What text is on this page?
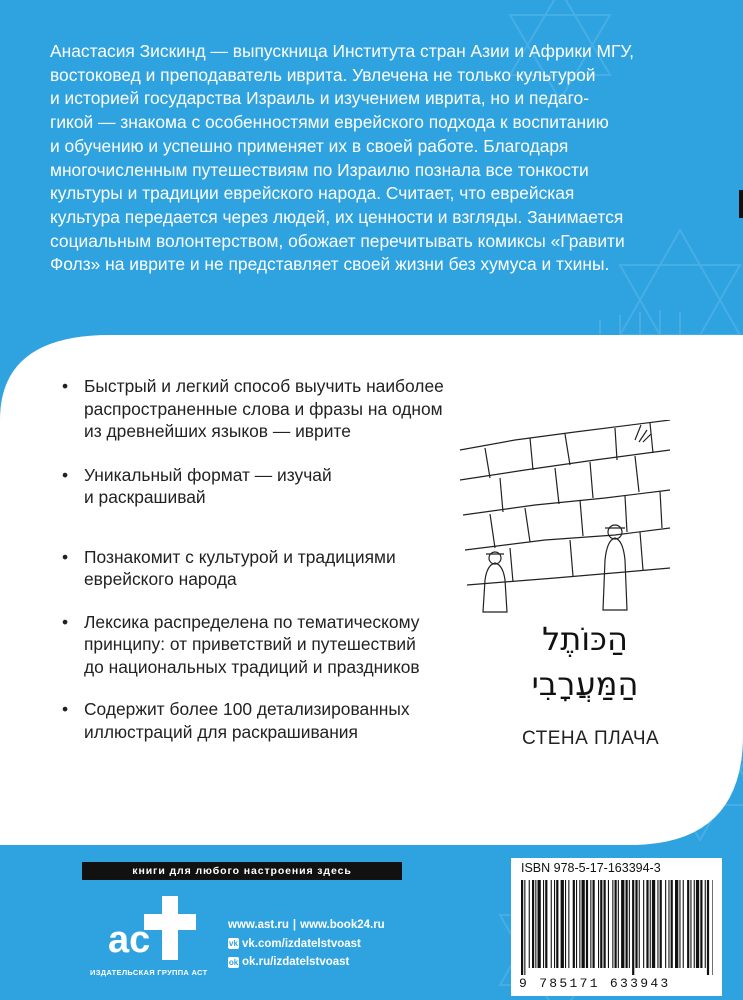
Анастасия Зискинд — выпускница Института стран Азии и Африки МГУ,
востоковед и преподаватель иврита. Увлечена не только культурой
и историей государства Израиль и изучением иврита, но и педаго-
гикой — знакома с особенностями еврейского подхода к воспитанию
и обучению и успешно применяет их в своей работе. Благодаря
многочисленным путешествиям по Израилю познала все тонкости
культуры и традиции еврейского народа. Считает, что еврейская
культура передается через людей, их ценности и взгляды. Занимается
социальным волонтерством, обожает перечитывать комиксы «Гравити
Фолз» на иврите и не представляет своей жизни без хумуса и тхины.
• Быстрый и легкий способ выучить наиболее
распространенные слова и фразы на одном
из древнейших языков — иврите
• Уникальный формат — изучай
и раскрашивай
• Познакомит с культурой и традициями
еврейского народа
• Лексика распределена по тематическому
принципу: от приветствий и путешествий
до национальных традиций и праздников
• Содержит более 100 детализированных
иллюстраций для раскрашивания
הַכּוֹתֶל
הַמַּעֲרָבִי
СТЕНА ПЛАЧА
книги для любого настроения здесь
ac
ИЗДАТЕЛЬСКАЯ ГРУППА АСТ
www.ast.ru | www.book24.ru
vk vk.com/izdatelstvoast
ok ok.ru/izdatelstvoast
ISBN 978-5-17-163394-3
9 785171 633943
